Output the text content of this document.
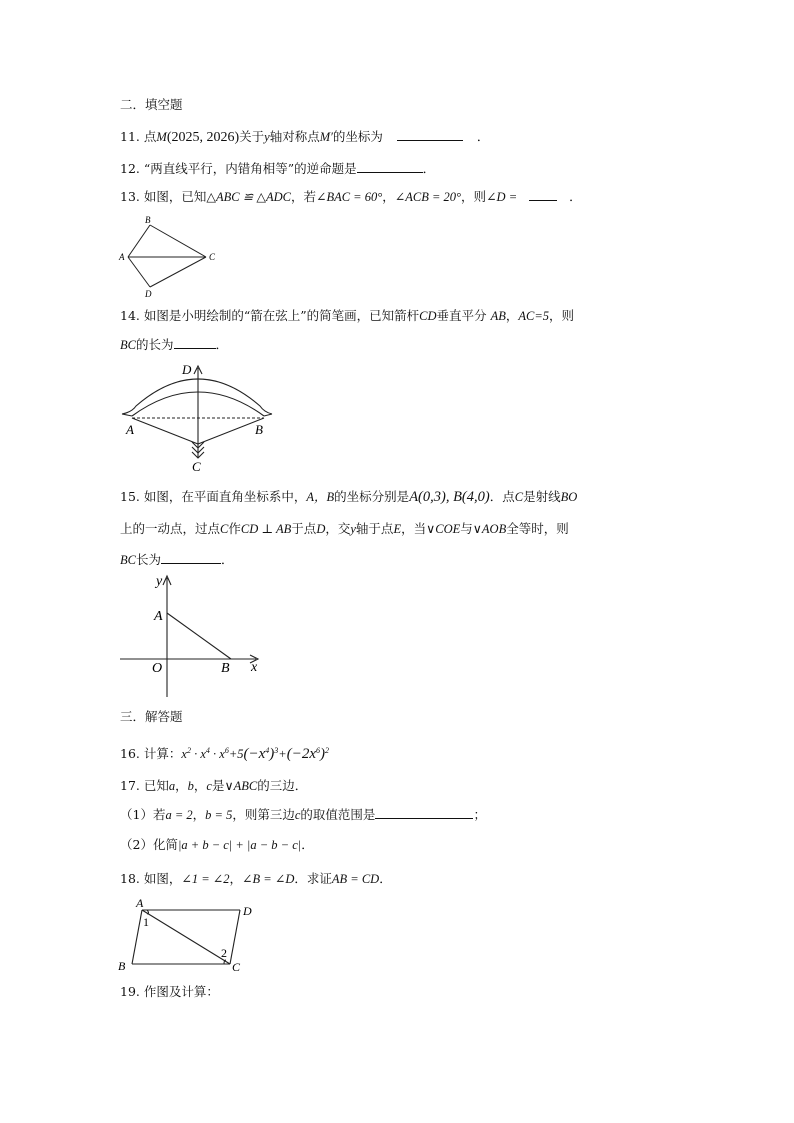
二．填空题
11. 点M(2025, 2026)关于y轴对称点M′的坐标为	．
12. “两直线平行，内错角相等”的逆命题是	．
13. 如图，已知△ABC ≌ △ADC，若∠BAC = 60°，∠ACB = 20°，则∠D =	．
B
A	C
D
14. 如图是小明绘制的“箭在弦上”的简笔画，已知箭杆CD垂直平分 AB，AC=5，则
BC的长为	．
D
A	B
C
15. 如图，在平面直角坐标系中，A，B的坐标分别是A(0,3), B(4,0)．点C是射线BO
上的一动点，过点C作CD ⊥ AB于点D，交y轴于点E，当∨COE与∨AOB全等时，则
BC长为	．
y
A
O	B x
三．解答题
16. 计算：$x^2 \cdot x^4 \cdot x^6+5(-x^4)^3+(-2x^6)^2$
17. 已知a，b，c是∨ABC的三边．
（1）若a = 2，b = 5，则第三边c的取值范围是	；
（2）化简|a + b − c| + |a − b − c|．
18. 如图，∠1 = ∠2，∠B = ∠D．求证AB = CD．
A
D
B	C
1
2
19. 作图及计算：
